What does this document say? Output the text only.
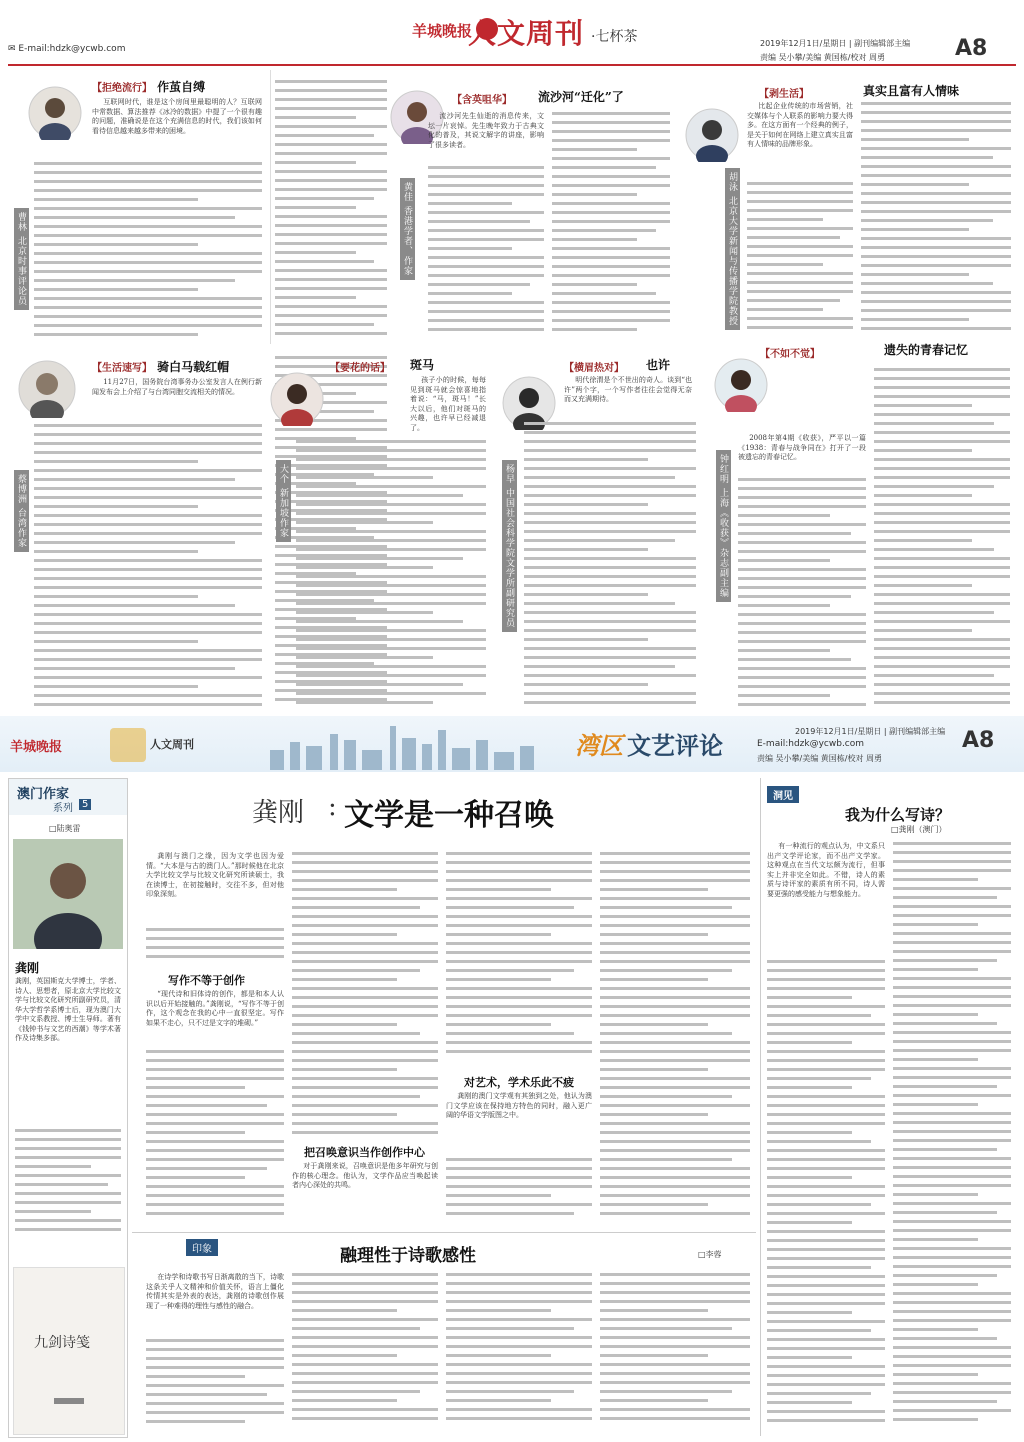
✉ E-mail:hdzk@ycwb.com
羊城晚报
人文周刊 ·七杯茶	2019年12月1日/星期日 | 副刊编辑部主编
责编 吴小攀/美编 黄国栋/校对 周勇	A8
【拒绝流行】 作茧自缚
曹林 北京时事评论员
互联网时代，谁是这个房间里最聪明的人？互联网中常数据、算法推荐《冰冷的数据》中提了一个很有趣的问题，准确说是在这个充满信息的时代，我们该如何看待信息越来越多带来的困境。
【含英咀华】 流沙河“迁化”了
黄佳 香港学者、作家
流沙河先生仙逝的消息传来，文坛一片哀悼。先生晚年致力于古典文化的普及，其说文解字的讲座，影响了很多读者。
【剥生活】	真实且富有人情味
胡泳 北京大学新闻与传播学院教授
比起企业传统的市场营销，社交媒体与个人联系的影响力要大得多。在这方面有一个经典的例子，是关于如何在网络上建立真实且富有人情味的品牌形象。
【生活速写】 骑白马载红帽
蔡博洲 台湾作家
11月27日，国务院台湾事务办公室发言人在例行新闻发布会上介绍了与台湾同胞交流相关的情况。
【要花的话】 斑马
大个 新加坡作家
孩子小的时候，每每见到斑马就会惊喜地指着说：“马，斑马！”长大以后，他们对斑马的兴趣，也许早已经减退了。
【横眉热对】 也许
杨早 中国社会科学院文学所副研究员
明代徐渭是个不世出的奇人。谈到“也许”两个字，一个写作者往往会觉得无奈而又充满期待。
【不如不觉】	遗失的青春记忆
钟红明 上海《收获》杂志副主编
2008年第4期《收获》，严平以一篇《1938：青春与战争同在》打开了一段被遗忘的青春记忆。
羊城晚报	人文周刊	湾区 文艺评论	2019年12月1日/星期日 | 副刊编辑部主编
E-mail:hdzk@ycwb.com
责编 吴小攀/美编 黄国栋/校对 周勇
A8
澳门作家
系列 5
□陆奥雷
龚刚
龚刚，英国斯克大学博士，学者、诗人、思想者，原北京大学比较文学与比较文化研究所副研究员，清华大学哲学系博士后，现为澳门大学中文系教授、博士生导师。著有《钱钟书与文艺的西潮》等学术著作及诗集多部。
九剑诗笺
龚刚 : 文学是一种召唤
龚刚与澳门之缘，因为文学也因为爱情。“大本是与古的澳门人。”那时候他在北京大学比较文学与比较文化研究所读硕士，我在读博士，在初接触时，交往不多，但对他印象深刻。
写作不等于创作
“现代诗和旧体诗的创作，都是和本人认识以后开始接触的。”龚刚说，“写作不等于创作，这个观念在我的心中一直很坚定。写作如果不走心，只不过是文字的堆砌。”
把召唤意识当作创作中心
对于龚刚来说，召唤意识是他多年研究与创作的核心理念。他认为，文学作品应当唤起读者内心深处的共鸣。
对艺术，学术乐此不疲
龚刚的澳门文学观有其独到之处，他认为澳门文学应该在保持地方特色的同时，融入更广阔的华语文学版图之中。
印象	融理性于诗歌感性	□李蓉
在诗学和诗歌书写日渐离散的当下，诗歌这条关乎人文精神和价值关怀，语言上僵化传情其实是外表的表达，龚刚的诗歌创作展现了一种难得的理性与感性的融合。
洞见
我为什么写诗？
□龚刚（澳门）
有一种流行的观点认为，中文系只出产文学评论家，而不出产文学家。这种观点在当代文坛颇为流行，但事实上并非完全如此。不错，诗人的素质与诗评家的素质有所不同，诗人需要更强的感受能力与想象能力。
